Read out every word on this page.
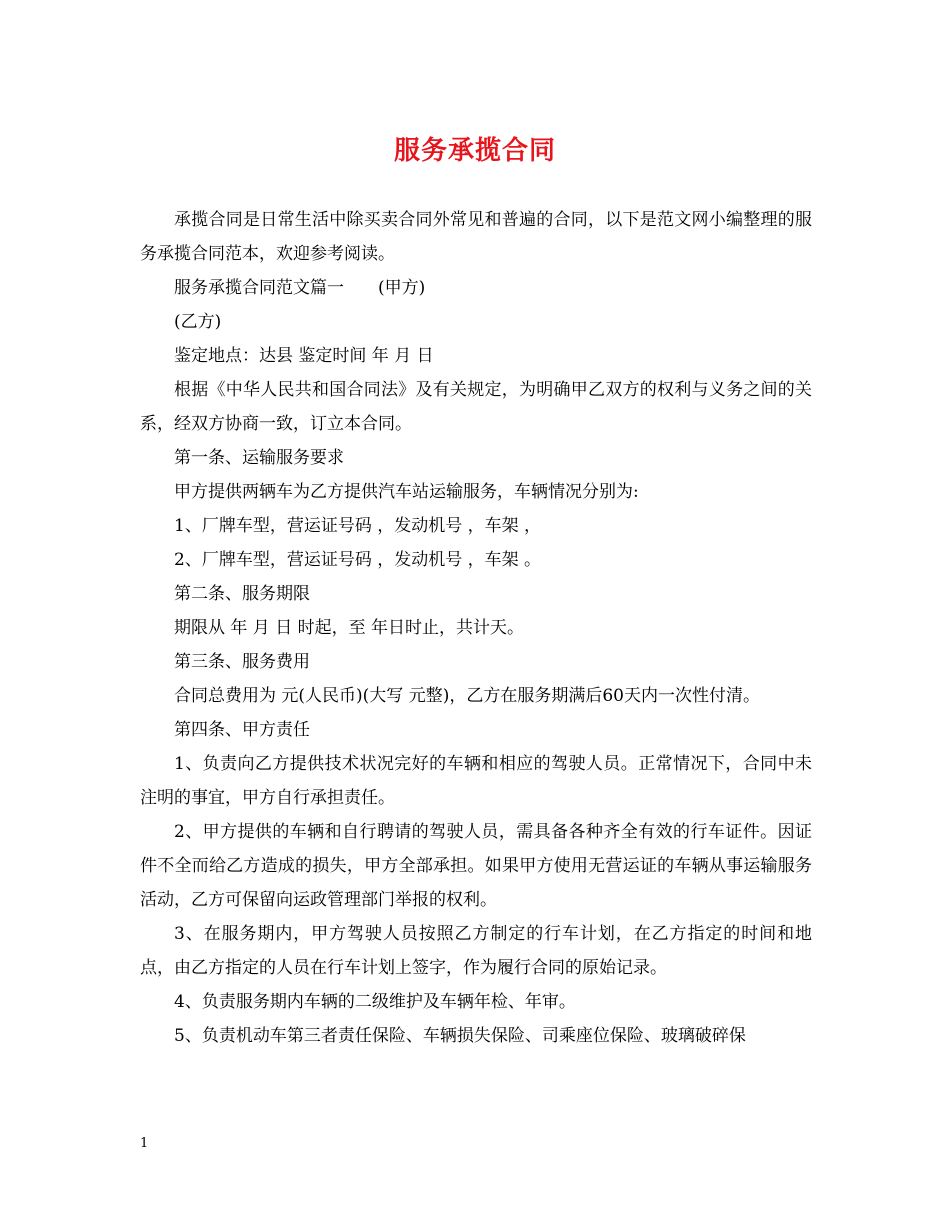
服务承揽合同

承揽合同是日常生活中除买卖合同外常见和普遍的合同，以下是范文网小编整理的服务承揽合同范本，欢迎参考阅读。

服务承揽合同范文篇一　　(甲方)

(乙方)

鉴定地点：达县 鉴定时间 年 月 日

根据《中华人民共和国合同法》及有关规定，为明确甲乙双方的权利与义务之间的关系，经双方协商一致，订立本合同。

第一条、运输服务要求

甲方提供两辆车为乙方提供汽车站运输服务，车辆情况分别为:

1、厂牌车型，营运证号码 ，发动机号 ，车架 ，

2、厂牌车型，营运证号码 ，发动机号 ，车架 。

第二条、服务期限

期限从 年 月 日 时起，至 年日时止，共计天。

第三条、服务费用

合同总费用为 元(人民币)(大写 元整)，乙方在服务期满后60天内一次性付清。

第四条、甲方责任

1、负责向乙方提供技术状况完好的车辆和相应的驾驶人员。正常情况下，合同中未注明的事宜，甲方自行承担责任。

2、甲方提供的车辆和自行聘请的驾驶人员，需具备各种齐全有效的行车证件。因证件不全而给乙方造成的损失，甲方全部承担。如果甲方使用无营运证的车辆从事运输服务活动，乙方可保留向运政管理部门举报的权利。

3、在服务期内，甲方驾驶人员按照乙方制定的行车计划，在乙方指定的时间和地点，由乙方指定的人员在行车计划上签字，作为履行合同的原始记录。

4、负责服务期内车辆的二级维护及车辆年检、年审。

5、负责机动车第三者责任保险、车辆损失保险、司乘座位保险、玻璃破碎保

1
